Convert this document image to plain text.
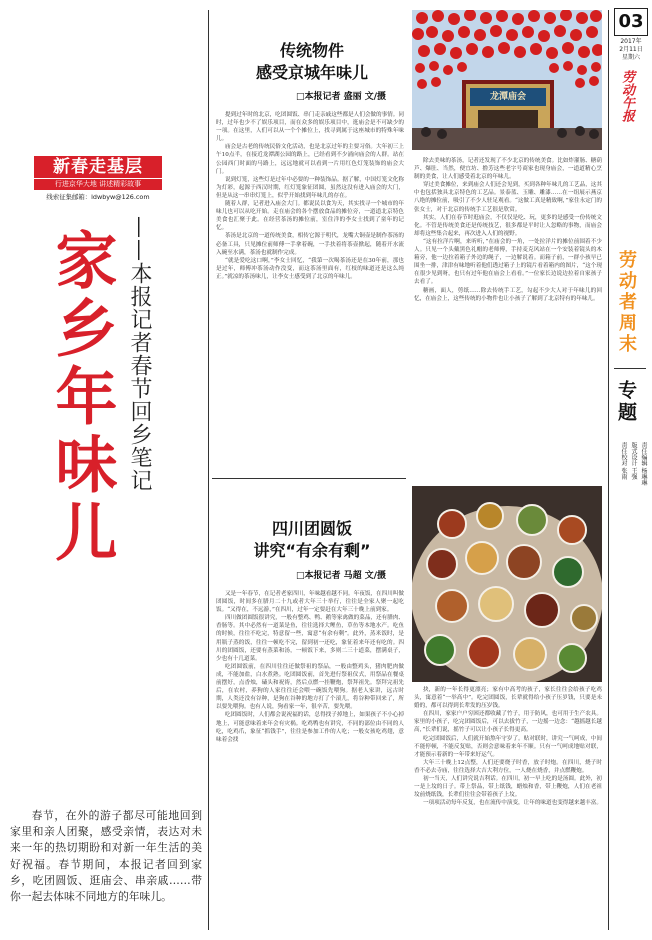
新春走基层
行进京华大地 讲述精彩故事
线索征集邮箱：ldwbyw@126.com
——本报记者春节回乡笔记
家乡年味儿
春节，在外的游子都尽可能地回到家里和亲人团聚，感受亲情，表达对未来一年的热切期盼和对新一年生活的美好祝福。春节期间，本报记者回到家乡，吃团圆饭、逛庙会、串亲戚……带你一起去体味不同地方的年味儿。
传统物件
感受京城年味儿
□本报记者 盛丽 文/摄

提到过年时的北京，吃团圆饭、串门走亲戚这些都是人们会做的事情。同时，过年也少不了娱乐项目，而在众多的娱乐项目中，逛庙会是不可缺少的一项。在这里，人们可以从一个个摊位上，找寻到属于这座城市的特殊年味儿。

庙会是古老的传统民俗文化活动，也是北京过年的主要习俗。大年初三上午10点半，在接近龙潭湖公园的路上，已经看到不少涌向庙会的人群。站在公园西门时面的马路上，远远地就可以看到一片用红色灯笼装饰的庙会大门。

说到灯笼，这些灯是过年中必要的一种装饰品。据了解，中国灯笼文化称为灯彩，起源于西汉时期，红灯笼象征团圆，虽然这没有进入庙会的大门，但是从这一串串灯笼上，似乎开始找到年味儿的存在。

随着人群，记者进入庙会大门。都说民以食为天，其实找寻一个城市的年味儿也可以从吃开始。走在庙会的各个摆放食品的摊位旁，一道道北京特色美食也汇聚于此。在经营茶汤的摊位前，室住洋的李女士找到了童年的记忆。

茶汤是北京的一道传统美食，相传它源于明代，龙嘴大铜壶是制作茶汤的必备工具，只见摊位前师傅一手拿着碗，一手扶着将茶壶掀起，随着开水流入碗至水满，茶汤也就制作完成。

“就是爱吃这口啊，”李女士回忆，“我第一次喝茶汤还是在30年前，那也是过年，师傅冲茶汤动作没变，而这茶汤里面有，红枝的味道还是这么纯正。”就凉的茶汤味儿，让李女士感受到了北京的年味儿。

龙潭庙会

除去美味的茶汤，记者还发现了不少北京的传统美食。比如炸灌肠、糖葫芦、爆肚、当然，便宜坊、撸芳这些老字号商家也现身庙会，一道道精心烹制的美食，让人们感受着北京的年味儿。

穿过美食摊位，来到庙会人们还会见到，买到各种年味儿的工艺品，这其中也包括独具北京特色的工艺品。景泰蓝、玉雕、雕漆……在一组展示燕京八绝的摊位前，吸引了不少人驻足观看。“这做工真是精致啊，”家住永定门的张女士，对于北京的传统手工艺很是欣赏。

其实，人们在春节时逛庙会，不仅仅是吃、玩，更多的是感受一份传统文化。不管是传统美食还是传统技艺，很多都是平时让人忽略的事物，而庙会却将这些集合起来，再次进入人们的视野。

“这有拉洋片啊，来听听，”在庙会的一角，一处拉洋片的摊位前围着不少人。只见一个头戴黑色礼帽的老师傅，手持麦克风站在一个安装着镜头的木箱旁，他一边拉着箱子外边的绳子，一边解说着。而箱子前，一群小孩早已围坐一排，津津有味地听着他们透过箱子上的镜片看着箱内的图片，“这个现在很少见到呀，也只有过年他在庙会上看看。”一位家长边说边拉着自家孩子去看了。

糖画，面人，剪纸……除去传统手工艺，勾起不少大人对于年味儿的回忆，在庙会上，这些传统的小物件也让小孩子了解到了北京特有的年味儿。

四川团圆饭
讲究“有余有剩”
□本报记者 马超 文/摄

又是一年春节，在记者老家四川，年味越看越不同。年夜饭，在四川叫做团圆饭，时间多在腊月二十九或者大年三十举行，往往是全家人聚一起吃饭。“又得在，不远游，”在四川，过年一定要赶在大年三十晚上前到家。

四川做团圆饭很讲究，一般有整鸡、鸭、鹅等家禽做的菜品，还有腊肉、香肠等。其中必然有一道菜是鱼，往往选择大鲤鱼，草鱼等本地水产。吃鱼的时候，往往不吃完，特意留一些，寓意“有余有剩”。此外，蒸米饭时，是用瓶子蒸的饭，往往一顿吃不完，留到初一还吃，象征着来年还有吃的。四川的团圆饭，还要有蒸菜和汤，一顿饭下来，多则二三十道菜，摆满桌子，少也有十几道菜。

吃团圆饭前，在四川往往还做祭祖的祭品，一般由整鸡头，猪肉肥肉做成，不能加盐，白水煮熟。吃团圆饭前，首先进行祭祖仪式，用祭品在餐桌前摆好，点香烛，磕头和祝祷，然后点燃一挂鞭炮，祭拜祖先。祭拜完祖先后，在农村，养狗的人家往往还会喂一碗饭先喂狗。据老人家讲，远古时期，人类还没有谷种，是狗在谷种的地方打了个滚儿，将谷种带回来了，所以要先喂狗。也有人说，狗看家一年，很辛苦，要先喂。

吃团圆饭时，人们都会说祝福的话，总得找子掉地上，如果孩子不小心掉地上，可能意味着来年会有灾祸。吃鸡鸭也有讲究，不同的部位由不同的人吃，吃鸡爪，象征“抓钱手”，往往是参加工作的人吃；一般女孩吃鸡翅，意味着会找

抉，新的一年长得更漂亮；家有中高考的孩子，家长往往会给孩子吃鸡头，寓意着“一举高中”。吃完团圆饭，长辈就得给小孩子压岁钱，只要是未婚的，都可以得到长辈发的压岁钱。

在四川，家家户户穷困还都收藏了竹子，用于防风，也可用于生产农具。家里的小孩子，吃完团圆饭后，可以去拔竹子，一边摇一边念：“越摇越长越高，”长辈们说，摇竹子可以让小孩子长得更高。

吃完团圆饭后，人们就开始熬年守岁了。贴对联时，讲究一气呵成，中间不能停顿，不能反复贴，否则会意味着来年不顺。只有一气呵成地贴对联，才能预示着新的一年带来好运气。

大年三十晚上12点整，人们还要烧子时香，放子时炮。在四川，烧子时香不必去寺庙，往往选择大吉大利方位，一人烧在烧香，并点燃鞭炮。

初一当天，人们讲究说吉利话。在四川，初一早上吃的是汤圆。此外，初一是上坟的日子。带上祭品，带上纸钱，蜡烛和香，带上鞭炮，人们在老祖坟前烧纸钱，长辈们往往会带着孩子上坟。

一项项活动每年反复，也在流传中演变，让年的味道也变得越来越丰富。

03
2017年
2月11日
星期六
劳动午报
劳动者周末
专题
责任编辑 杨琳琳
版式设计 王强
责任校对 张雨
